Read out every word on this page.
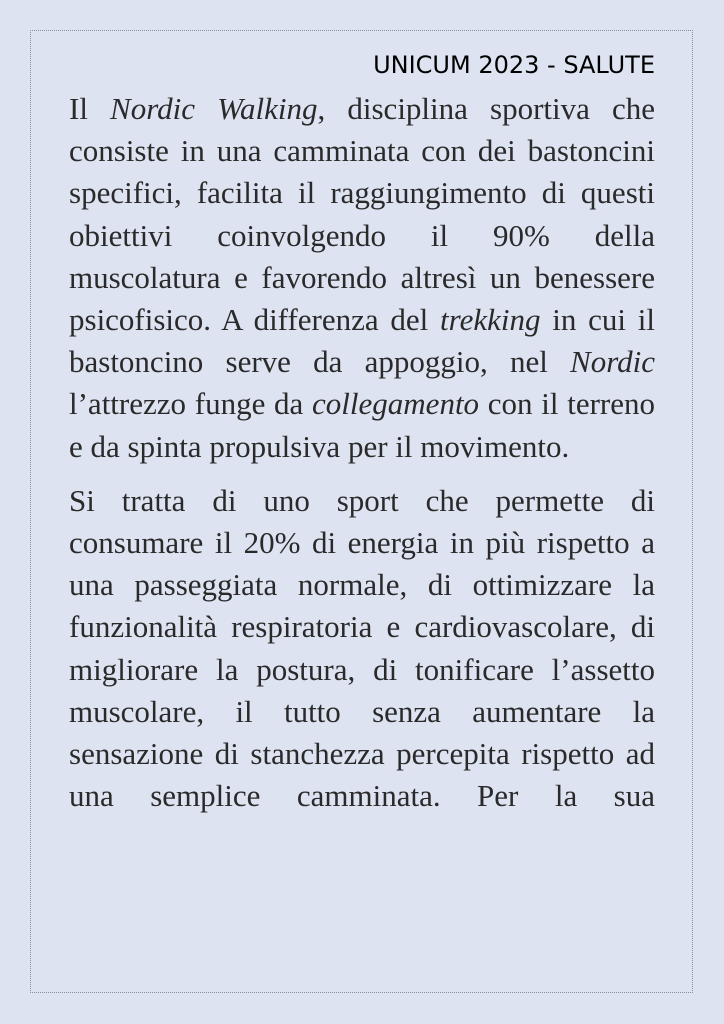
UNICUM 2023 - SALUTE

Il Nordic Walking, disciplina sportiva che consiste in una camminata con dei bastoncini specifici, facilita il raggiungimento di questi obiettivi coinvolgendo il 90% della muscolatura e favorendo altresì un benessere psicofisico. A differenza del trekking in cui il bastoncino serve da appoggio, nel Nordic l’attrezzo funge da collegamento con il terreno e da spinta propulsiva per il movimento.

Si tratta di uno sport che permette di consumare il 20% di energia in più rispetto a una passeggiata normale, di ottimizzare la funzionalità respiratoria e cardiovascolare, di migliorare la postura, di tonificare l’assetto muscolare, il tutto senza aumentare la sensazione di stanchezza percepita rispetto ad una semplice camminata. Per la sua
